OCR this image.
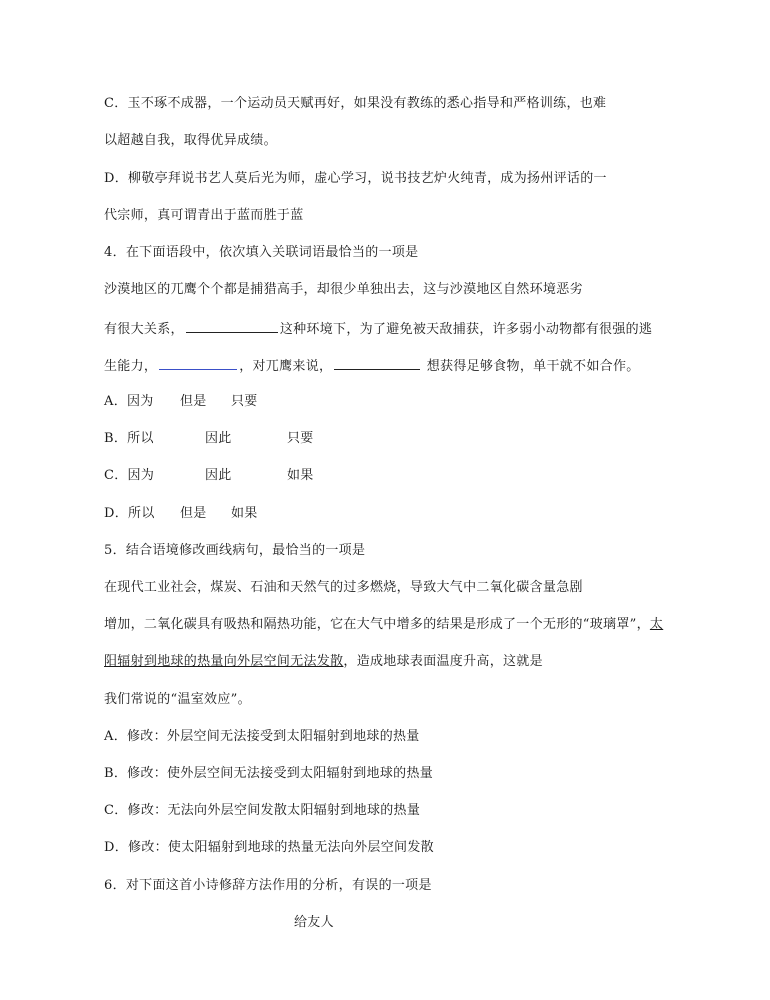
C．玉不琢不成器，一个运动员天赋再好，如果没有教练的悉心指导和严格训练，也难
以超越自我，取得优异成绩。
D．柳敬亭拜说书艺人莫后光为师，虚心学习，说书技艺炉火纯青，成为扬州评话的一
代宗师，真可谓青出于蓝而胜于蓝
4．在下面语段中，依次填入关联词语最恰当的一项是
沙漠地区的兀鹰个个都是捕猎高手，却很少单独出去，这与沙漠地区自然环境恶劣
有很大关系，	这种环境下，为了避免被天敌捕获，许多弱小动物都有很强的逃
生能力，	，对兀鹰来说，	想获得足够食物，单干就不如合作。
A．因为 但是 只要
B．所以	因此	只要
C．因为	因此	如果
D．所以 但是 如果
5．结合语境修改画线病句，最恰当的一项是
在现代工业社会，煤炭、石油和天然气的过多燃烧，导致大气中二氧化碳含量急剧
增加，二氧化碳具有吸热和隔热功能，它在大气中增多的结果是形成了一个无形的“玻璃罩”，太
阳辐射到地球的热量向外层空间无法发散，造成地球表面温度升高，这就是
我们常说的“温室效应”。
A．修改：外层空间无法接受到太阳辐射到地球的热量
B．修改：使外层空间无法接受到太阳辐射到地球的热量
C．修改：无法向外层空间发散太阳辐射到地球的热量
D．修改：使太阳辐射到地球的热量无法向外层空间发散
6．对下面这首小诗修辞方法作用的分析，有误的一项是
给友人
